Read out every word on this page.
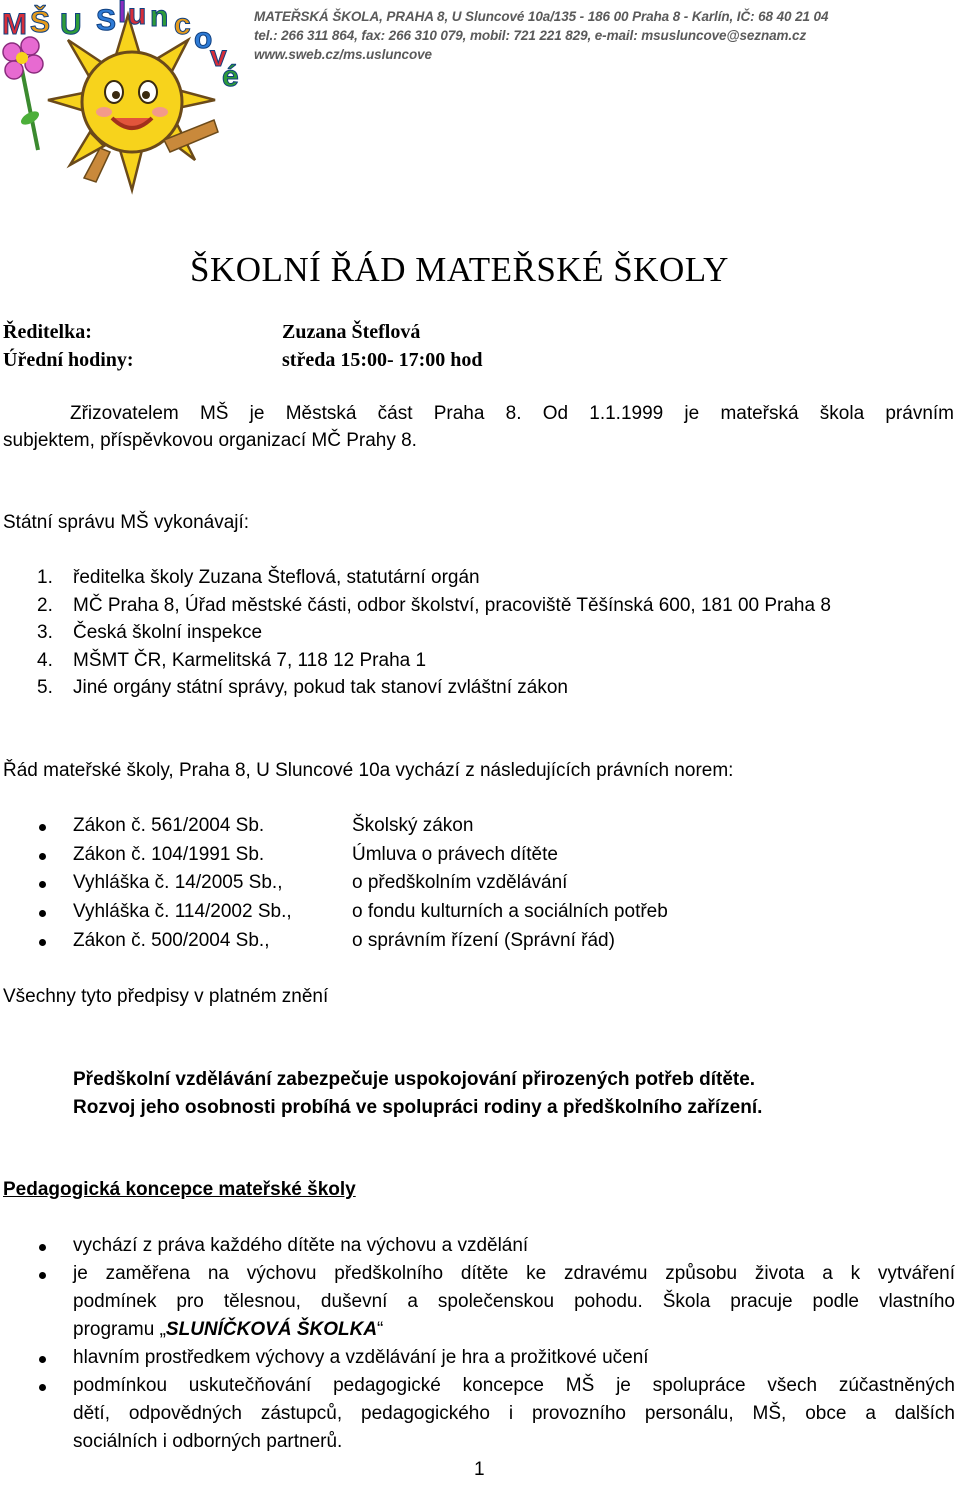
M Š U S l u n c o
v
é
MATEŘSKÁ ŠKOLA, PRAHA 8, U Sluncové 10a/135 - 186 00 Praha 8 - Karlín, IČ: 68 40 21 04
tel.: 266 311 864, fax: 266 310 079, mobil: 721 221 829, e-mail: msusluncove@seznam.cz
www.sweb.cz/ms.usluncove
ŠKOLNÍ ŘÁD MATEŘSKÉ ŠKOLY
Ředitelka:	Zuzana Šteflová
Úřední hodiny:	středa 15:00- 17:00 hod
Zřizovatelem MŠ je Městská část Praha 8. Od 1.1.1999 je mateřská škola právním
subjektem, příspěvkovou organizací MČ Prahy 8.
Státní správu MŠ vykonávají:
1. ředitelka školy Zuzana Šteflová, statutární orgán
2. MČ Praha 8, Úřad městské části, odbor školství, pracoviště Těšínská 600, 181 00 Praha 8
3. Česká školní inspekce
4. MŠMT ČR, Karmelitská 7, 118 12 Praha 1
5. Jiné orgány státní správy, pokud tak stanoví zvláštní zákon
Řád mateřské školy, Praha 8, U Sluncové 10a vychází z následujících právních norem:
Zákon č. 561/2004 Sb.	Školský zákon
Zákon č. 104/1991 Sb.	Úmluva o právech dítěte
Vyhláška č. 14/2005 Sb.,	o předškolním vzdělávání
Vyhláška č. 114/2002 Sb.,	o fondu kulturních a sociálních potřeb
Zákon č. 500/2004 Sb.,	o správním řízení (Správní řád)
Všechny tyto předpisy v platném znění
Předškolní vzdělávání zabezpečuje uspokojování přirozených potřeb dítěte.
Rozvoj jeho osobnosti probíhá ve spolupráci rodiny a předškolního zařízení.
Pedagogická koncepce mateřské školy
vychází z práva každého dítěte na výchovu a vzdělání
je zaměřena na výchovu předškolního dítěte ke zdravému způsobu života a k vytváření
podmínek pro tělesnou, duševní a společenskou pohodu. Škola pracuje podle vlastního
programu „SLUNÍČKOVÁ ŠKOLKA“
hlavním prostředkem výchovy a vzdělávání je hra a prožitkové učení
podmínkou uskutečňování pedagogické koncepce MŠ je spolupráce všech zúčastněných
dětí, odpovědných zástupců, pedagogického i provozního personálu, MŠ, obce a dalších
sociálních i odborných partnerů.
1
